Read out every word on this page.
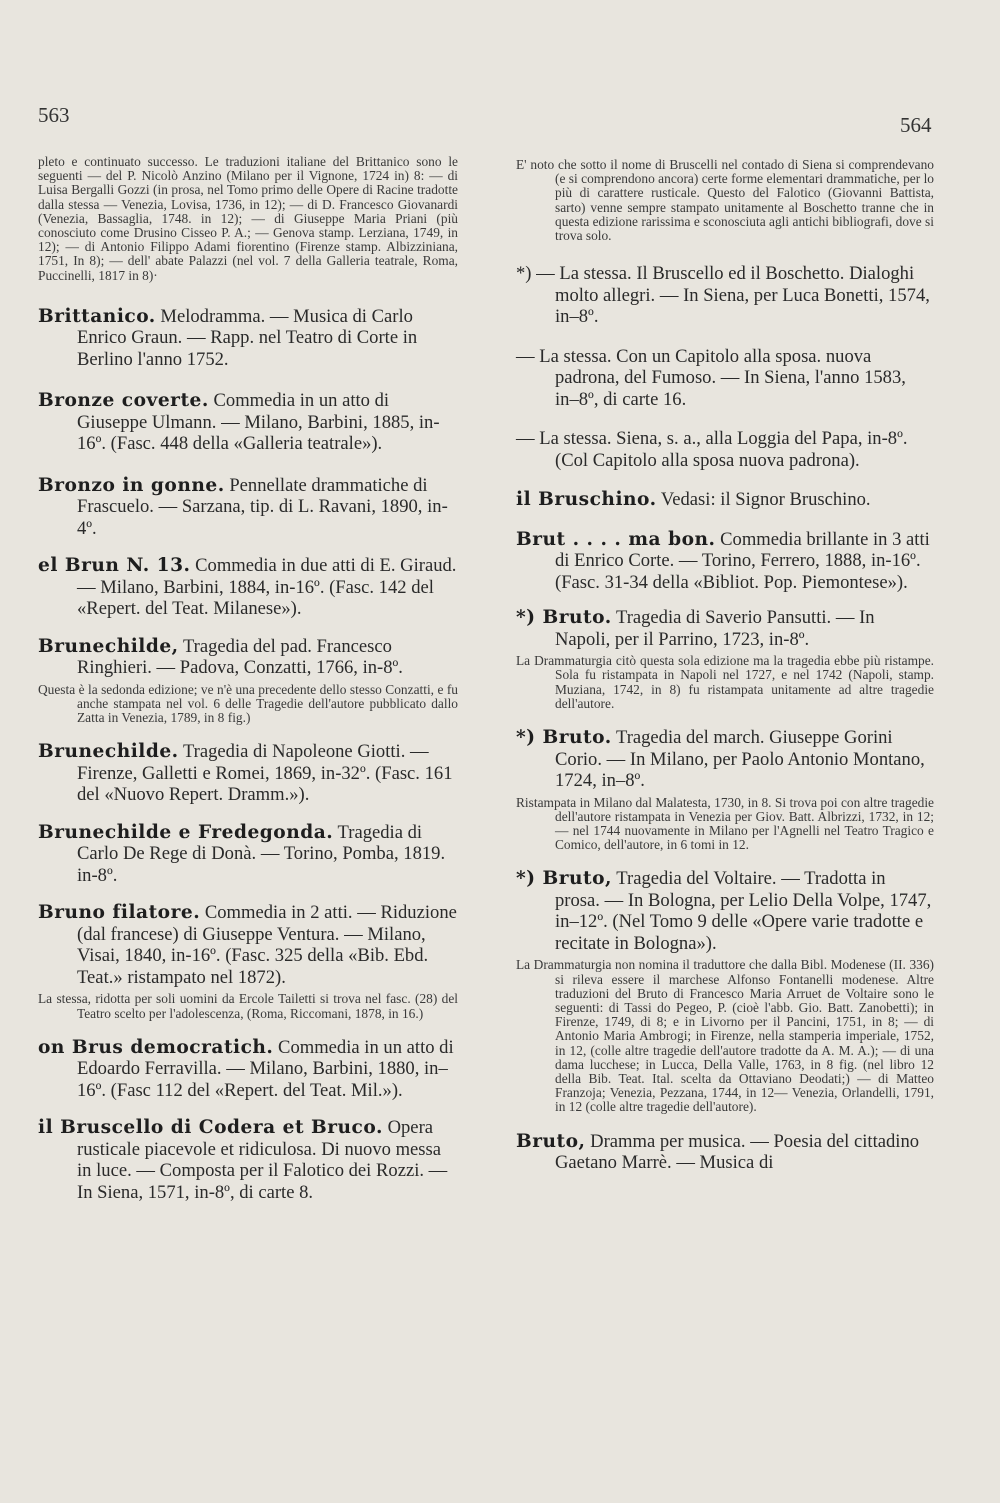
563	564

pleto e continuato successo. Le traduzioni italiane del Brittanico sono le seguenti — del P. Nicolò Anzino (Milano per il Vignone, 1724 in) 8: — di Luisa Bergalli Gozzi (in prosa, nel Tomo primo delle Opere di Racine tradotte dalla stessa — Venezia, Lovisa, 1736, in 12); — di D. Francesco Giovanardi (Venezia, Bassaglia, 1748. in 12); — di Giuseppe Maria Priani (più conosciuto come Drusino Cisseo P. A.; — Genova stamp. Lerziana, 1749, in 12); — di Antonio Filippo Adami fiorentino (Firenze stamp. Albizziniana, 1751, In 8); — dell' abate Palazzi (nel vol. 7 della Galleria teatrale, Roma, Puccinelli, 1817 in 8)·

Brittanico. Melodramma. — Musica di Carlo Enrico Graun. — Rapp. nel Teatro di Corte in Berlino l'anno 1752.

Bronze coverte. Commedia in un atto di Giuseppe Ulmann. — Milano, Barbini, 1885, in-16º. (Fasc. 448 della «Galleria teatrale»).

Bronzo in gonne. Pennellate drammatiche di Frascuelo. — Sarzana, tip. di L. Ravani, 1890, in-4º.

el Brun N. 13. Commedia in due atti di E. Giraud. — Milano, Barbini, 1884, in-16º. (Fasc. 142 del «Repert. del Teat. Milanese»).

Brunechilde, Tragedia del pad. Francesco Ringhieri. — Padova, Conzatti, 1766, in-8º.

Questa è la sedonda edizione; ve n'è una precedente dello stesso Conzatti, e fu anche stampata nel vol. 6 delle Tragedie dell'autore pubblicato dallo Zatta in Venezia, 1789, in 8 fig.)

Brunechilde. Tragedia di Napoleone Giotti. — Firenze, Galletti e Romei, 1869, in-32º. (Fasc. 161 del «Nuovo Repert. Dramm.»).

Brunechilde e Fredegonda. Tragedia di Carlo De Rege di Donà. — Torino, Pomba, 1819. in-8º.

Bruno filatore. Commedia in 2 atti. — Riduzione (dal francese) di Giuseppe Ventura. — Milano, Visai, 1840, in-16º. (Fasc. 325 della «Bib. Ebd. Teat.» ristampato nel 1872).

La stessa, ridotta per soli uomini da Ercole Tailetti si trova nel fasc. (28) del Teatro scelto per l'adolescenza, (Roma, Riccomani, 1878, in 16.)

on Brus democratich. Commedia in un atto di Edoardo Ferravilla. — Milano, Barbini, 1880, in–16º. (Fasc 112 del «Repert. del Teat. Mil.»).

il Bruscello di Codera et Bruco. Opera rusticale piacevole et ridiculosa. Di nuovo messa in luce. — Composta per il Falotico dei Rozzi. — In Siena, 1571, in-8º, di carte 8.

E' noto che sotto il nome di Bruscelli nel contado di Siena si comprendevano (e si comprendono ancora) certe forme elementari drammatiche, per lo più di carattere rusticale. Questo del Falotico (Giovanni Battista, sarto) venne sempre stampato unitamente al Boschetto tranne che in questa edizione rarissima e sconosciuta agli antichi bibliografi, dove si trova solo.

*) — La stessa. Il Bruscello ed il Boschetto. Dialoghi molto allegri. — In Siena, per Luca Bonetti, 1574, in–8º.

— La stessa. Con un Capitolo alla sposa. nuova padrona, del Fumoso. — In Siena, l'anno 1583, in–8º, di carte 16.

— La stessa. Siena, s. a., alla Loggia del Papa, in-8º. (Col Capitolo alla sposa nuova padrona).

il Bruschino. Vedasi: il Signor Bruschino.

Brut . . . . ma bon. Commedia brillante in 3 atti di Enrico Corte. — Torino, Ferrero, 1888, in-16º. (Fasc. 31-34 della «Bibliot. Pop. Piemontese»).

*) Bruto. Tragedia di Saverio Pansutti. — In Napoli, per il Parrino, 1723, in-8º.

La Drammaturgia citò questa sola edizione ma la tragedia ebbe più ristampe. Sola fu ristampata in Napoli nel 1727, e nel 1742 (Napoli, stamp. Muziana, 1742, in 8) fu ristampata unitamente ad altre tragedie dell'autore.

*) Bruto. Tragedia del march. Giuseppe Gorini Corio. — In Milano, per Paolo Antonio Montano, 1724, in–8º.

Ristampata in Milano dal Malatesta, 1730, in 8. Si trova poi con altre tragedie dell'autore ristampata in Venezia per Giov. Batt. Albrizzi, 1732, in 12; — nel 1744 nuovamente in Milano per l'Agnelli nel Teatro Tragico e Comico, dell'autore, in 6 tomi in 12.

*) Bruto, Tragedia del Voltaire. — Tradotta in prosa. — In Bologna, per Lelio Della Volpe, 1747, in–12º. (Nel Tomo 9 delle «Opere varie tradotte e recitate in Bologna»).

La Drammaturgia non nomina il traduttore che dalla Bibl. Modenese (II. 336) si rileva essere il marchese Alfonso Fontanelli modenese. Altre traduzioni del Bruto di Francesco Maria Arruet de Voltaire sono le seguenti: di Tassi do Pegeo, P. (cioè l'abb. Gio. Batt. Zanobetti); in Firenze, 1749, di 8; e in Livorno per il Pancini, 1751, in 8; — di Antonio Maria Ambrogi; in Firenze, nella stamperia imperiale, 1752, in 12, (colle altre tragedie dell'autore tradotte da A. M. A.); — di una dama lucchese; in Lucca, Della Valle, 1763, in 8 fig. (nel libro 12 della Bib. Teat. Ital. scelta da Ottaviano Deodati;) — di Matteo Franzoja; Venezia, Pezzana, 1744, in 12— Venezia, Orlandelli, 1791, in 12 (colle altre tragedie dell'autore).

Bruto, Dramma per musica. — Poesia del cittadino Gaetano Marrè. — Musica di
